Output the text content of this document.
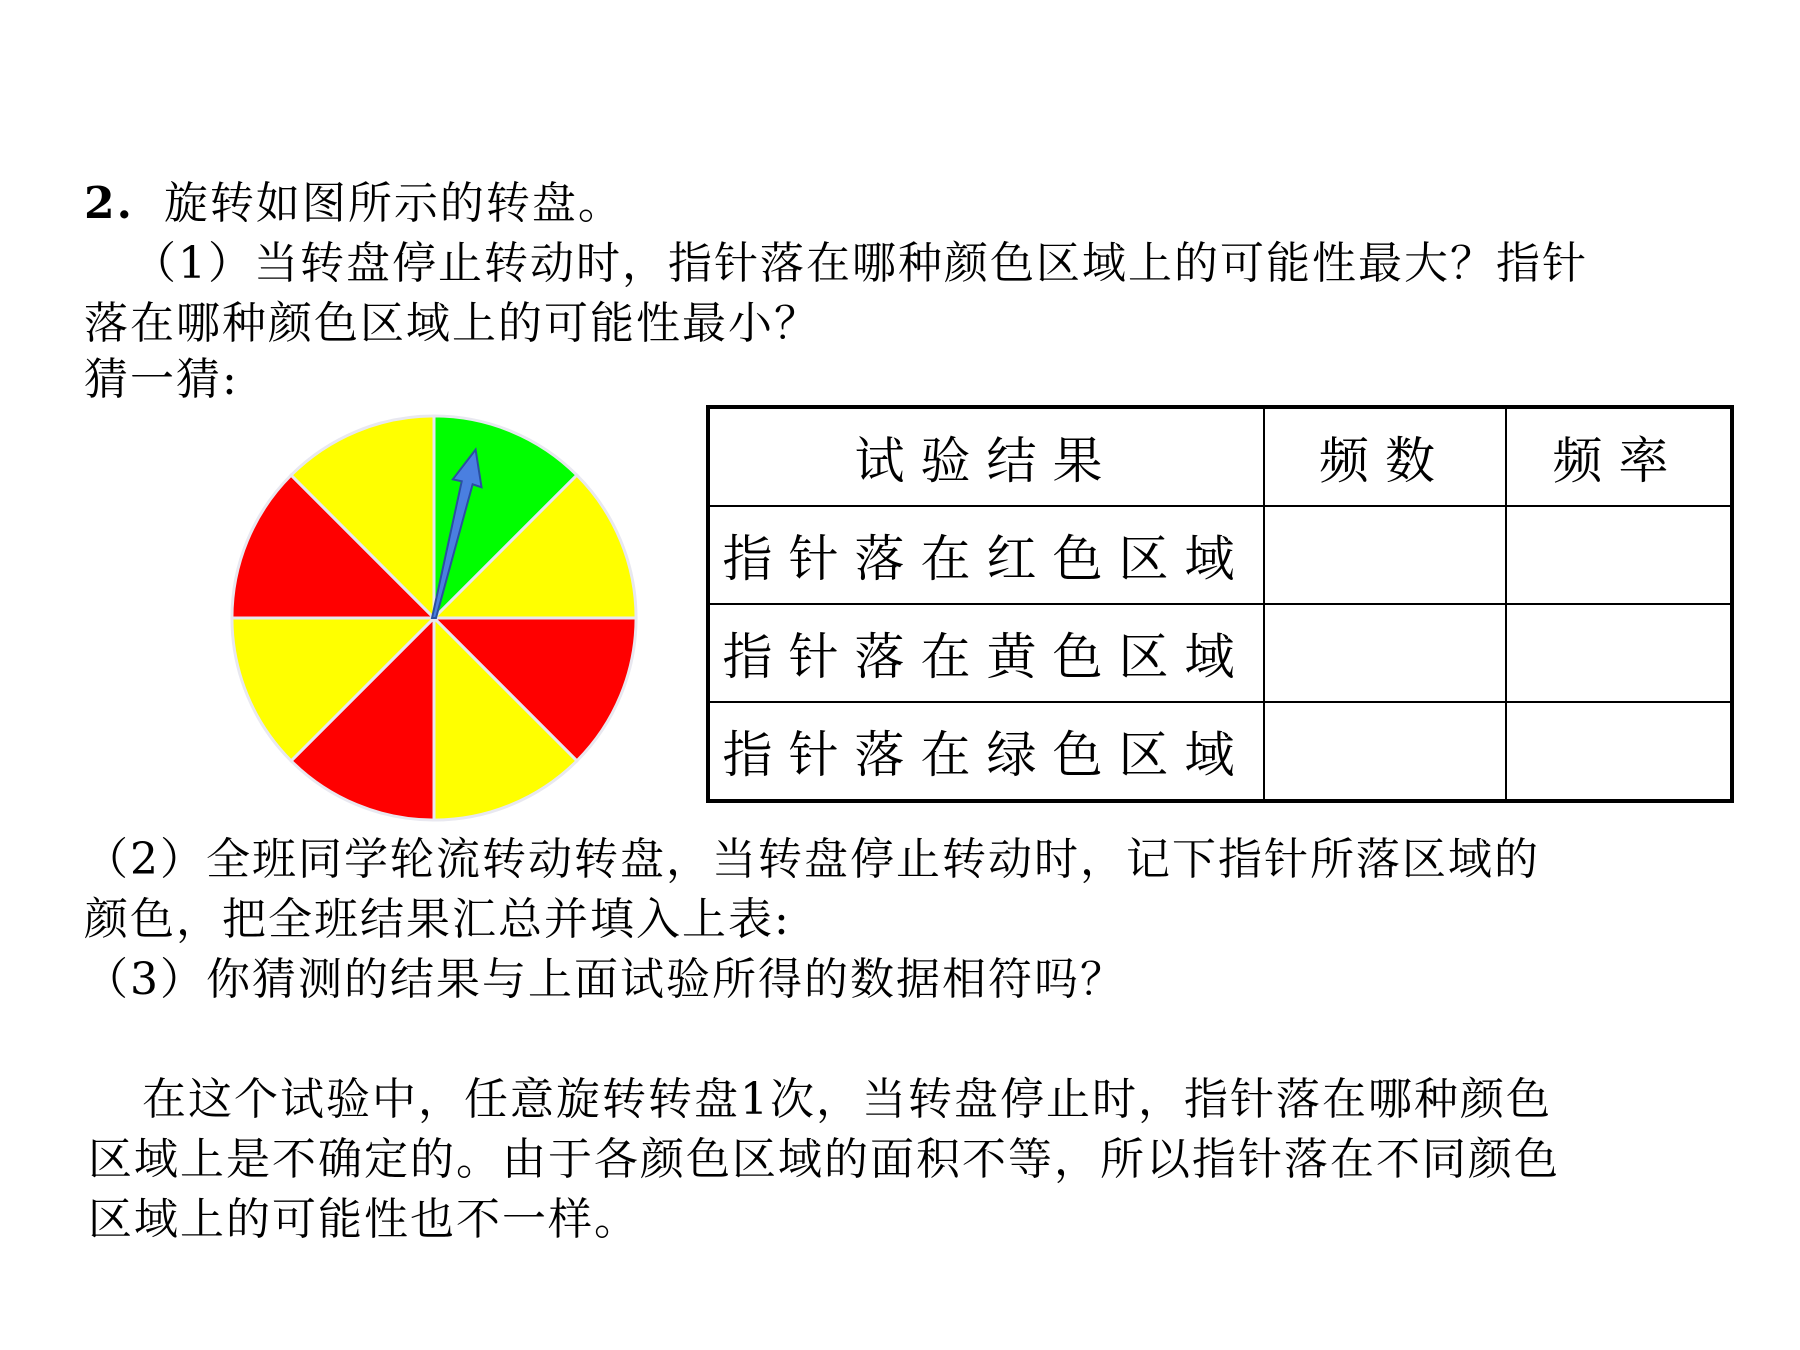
2. 旋转如图所示的转盘。
（1）当转盘停止转动时，指针落在哪种颜色区域上的可能性最大？指针
落在哪种颜色区域上的可能性最小？
猜一猜:
试验结果	频数	频率
指针落在红色区域		
指针落在黄色区域		
指针落在绿色区域		
（2）全班同学轮流转动转盘，当转盘停止转动时，记下指针所落区域的
颜色，把全班结果汇总并填入上表:
（3）你猜测的结果与上面试验所得的数据相符吗？
在这个试验中，任意旋转转盘1次，当转盘停止时，指针落在哪种颜色
区域上是不确定的。由于各颜色区域的面积不等，所以指针落在不同颜色
区域上的可能性也不一样。
